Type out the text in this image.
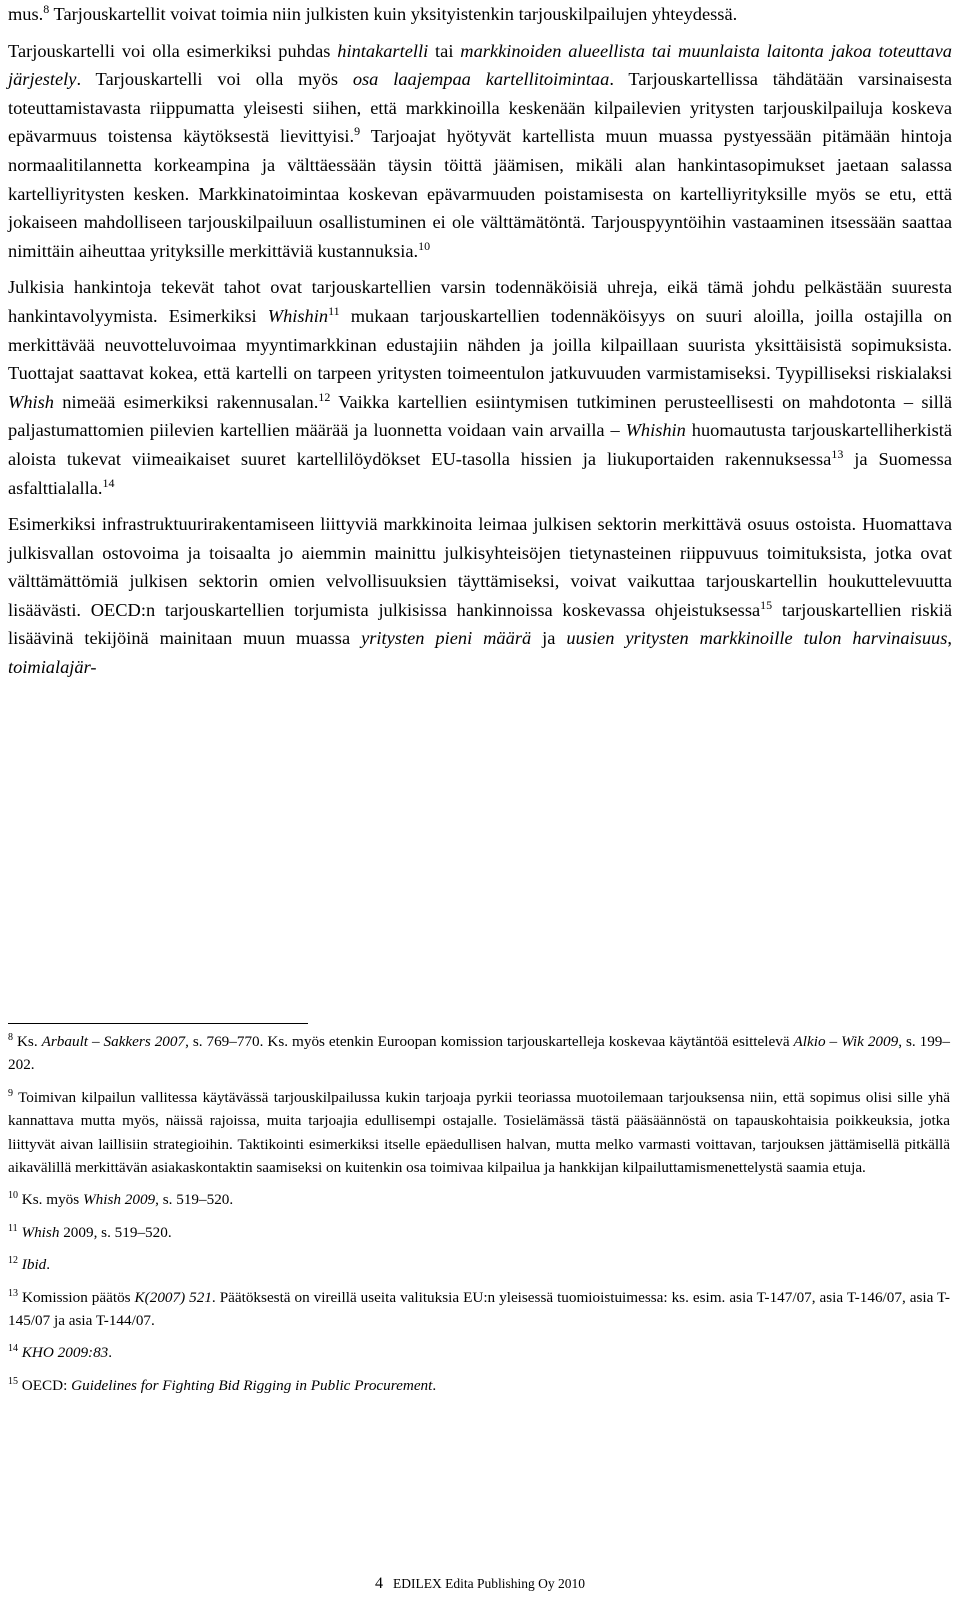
mus.$^8$ Tarjouskartellit voivat toimia niin julkisten kuin yksityistenkin tarjouskilpailujen yhteydessä.

Tarjouskartelli voi olla esimerkiksi puhdas hintakartelli tai markkinoiden alueellista tai muunlaista laitonta jakoa toteuttava järjestely. Tarjouskartelli voi olla myös osa laajempaa kartellitoimintaa. Tarjouskartellissa tähdätään varsinaisesta toteuttamistavasta riippumatta yleisesti siihen, että markkinoilla keskenään kilpailevien yritysten tarjouskilpailuja koskeva epävarmuus toistensa käytöksestä lievittyisi.$^9$ Tarjoajat hyötyvät kartellista muun muassa pystyessään pitämään hintoja normaalitilannetta korkeampina ja välttäessään täysin töittä jäämisen, mikäli alan hankintasopimukset jaetaan salassa kartelliyritysten kesken. Markkinatoimintaa koskevan epävarmuuden poistamisesta on kartelliyrityksille myös se etu, että jokaiseen mahdolliseen tarjouskilpailuun osallistuminen ei ole välttämätöntä. Tarjouspyyntöihin vastaaminen itsessään saattaa nimittäin aiheuttaa yrityksille merkittäviä kustannuksia.$^{10}$

Julkisia hankintoja tekevät tahot ovat tarjouskartellien varsin todennäköisiä uhreja, eikä tämä johdu pelkästään suuresta hankintavolyymista. Esimerkiksi Whishin$^{11}$ mukaan tarjouskartellien todennäköisyys on suuri aloilla, joilla ostajilla on merkittävää neuvotteluvoimaa myyntimarkkinan edustajiin nähden ja joilla kilpaillaan suurista yksittäisistä sopimuksista. Tuottajat saattavat kokea, että kartelli on tarpeen yritysten toimeentulon jatkuvuuden varmistamiseksi. Tyypilliseksi riskialaksi Whish nimeää esimerkiksi rakennusalan.$^{12}$ Vaikka kartellien esiintymisen tutkiminen perusteellisesti on mahdotonta – sillä paljastumattomien piilevien kartellien määrää ja luonnetta voidaan vain arvailla – Whishin huomautusta tarjouskartelliherkistä aloista tukevat viimeaikaiset suuret kartellilöydökset EU-tasolla hissien ja liukuportaiden rakennuksessa$^{13}$ ja Suomessa asfalttialalla.$^{14}$

Esimerkiksi infrastruktuurirakentamiseen liittyviä markkinoita leimaa julkisen sektorin merkittävä osuus ostoista. Huomattava julkisvallan ostovoima ja toisaalta jo aiemmin mainittu julkisyhteisöjen tietynasteinen riippuvuus toimituksista, jotka ovat välttämättömiä julkisen sektorin omien velvollisuuksien täyttämiseksi, voivat vaikuttaa tarjouskartellin houkuttelevuutta lisäävästi. OECD:n tarjouskartellien torjumista julkisissa hankinnoissa koskevassa ohjeistuksessa$^{15}$ tarjouskartellien riskiä lisäävinä tekijöinä mainitaan muun muassa yritysten pieni määrä ja uusien yritysten markkinoille tulon harvinaisuus, toimialajär-

$^8$ Ks. Arbault – Sakkers 2007, s. 769–770. Ks. myös etenkin Euroopan komission tarjouskartelleja koskevaa käytäntöä esittelevä Alkio – Wik 2009, s. 199–202.

$^9$ Toimivan kilpailun vallitessa käytävässä tarjouskilpailussa kukin tarjoaja pyrkii teoriassa muotoilemaan tarjouksensa niin, että sopimus olisi sille yhä kannattava mutta myös, näissä rajoissa, muita tarjoajia edullisempi ostajalle. Tosielämässä tästä pääsäännöstä on tapauskohtaisia poikkeuksia, jotka liittyvät aivan laillisiin strategioihin. Taktikointi esimerkiksi itselle epäedullisen halvan, mutta melko varmasti voittavan, tarjouksen jättämisellä pitkällä aikavälillä merkittävän asiakaskontaktin saamiseksi on kuitenkin osa toimivaa kilpailua ja hankkijan kilpailuttamismenettelystä saamia etuja.

$^{10}$ Ks. myös Whish 2009, s. 519–520.

$^{11}$ Whish 2009, s. 519–520.

$^{12}$ Ibid.

$^{13}$ Komission päätös K(2007) 521. Päätöksestä on vireillä useita valituksia EU:n yleisessä tuomioistuimessa: ks. esim. asia T-147/07, asia T-146/07, asia T-145/07 ja asia T-144/07.

$^{14}$ KHO 2009:83.

$^{15}$ OECD: Guidelines for Fighting Bid Rigging in Public Procurement.

4 EDILEX Edita Publishing Oy 2010
